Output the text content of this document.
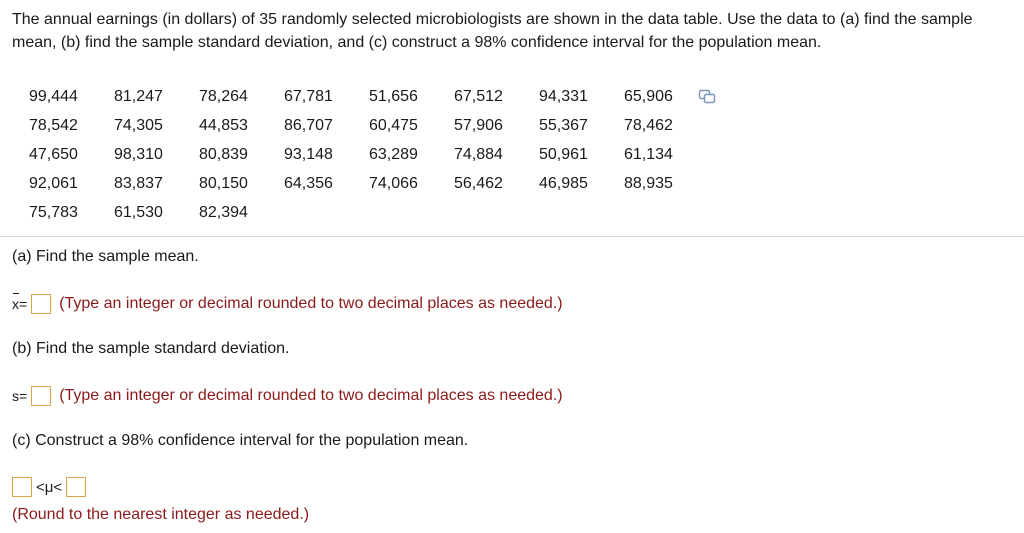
The annual earnings (in dollars) of 35 randomly selected microbiologists are shown in the data table. Use the data to (a) find the sample mean, (b) find the sample standard deviation, and (c) construct a 98% confidence interval for the population mean.
99,444	81,247	78,264	67,781	51,656	67,512	94,331	65,906
78,542	74,305	44,853	86,707	60,475	57,906	55,367	78,462
47,650	98,310	80,839	93,148	63,289	74,884	50,961	61,134
92,061	83,837	80,150	64,356	74,066	56,462	46,985	88,935
75,783	61,530	82,394					
(a) Find the sample mean.
x= (Type an integer or decimal rounded to two decimal places as needed.)
(b) Find the sample standard deviation.
s= (Type an integer or decimal rounded to two decimal places as needed.)
(c) Construct a 98% confidence interval for the population mean.
<μ<
(Round to the nearest integer as needed.)
